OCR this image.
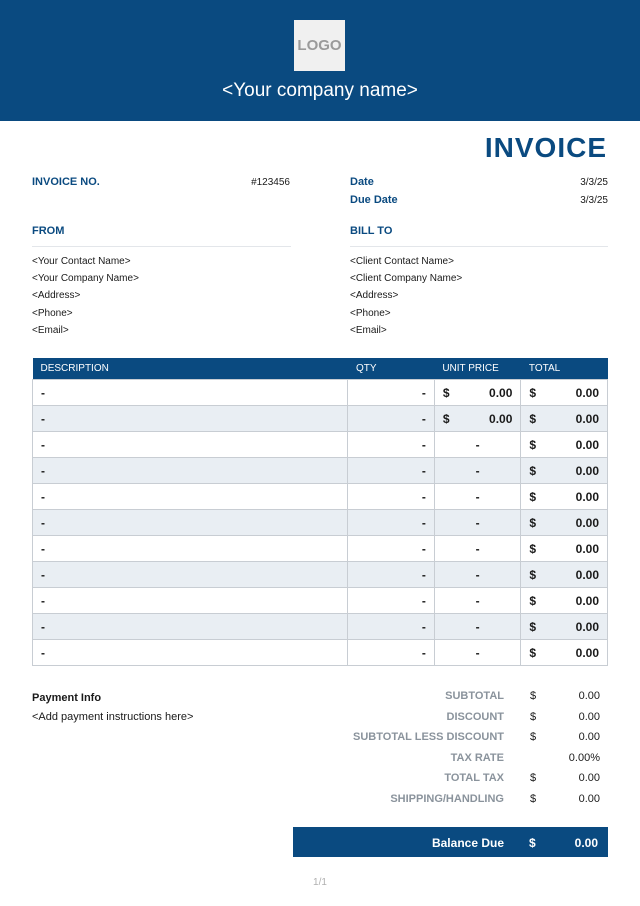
LOGO
<Your company name>
INVOICE
INVOICE NO.	#123456	Date	3/3/25
Due Date	3/3/25
FROM
<Your Contact Name>
<Your Company Name>
<Address>
<Phone>
<Email>
BILL TO
<Client Contact Name>
<Client Company Name>
<Address>
<Phone>
<Email>
DESCRIPTION	QTY	UNIT PRICE	TOTAL
-	-	$ 0.00	$ 0.00

-	-	$ 0.00	$ 0.00

-	-	-	$ 0.00

-	-	-	$ 0.00

-	-	-	$ 0.00

-	-	-	$ 0.00

-	-	-	$ 0.00

-	-	-	$ 0.00

-	-	-	$ 0.00

-	-	-	$ 0.00

-	-	-	$ 0.00
Payment Info
<Add payment instructions here>
SUBTOTAL $	0.00
DISCOUNT $	0.00
SUBTOTAL LESS DISCOUNT $	0.00
TAX RATE	0.00%
TOTAL TAX $	0.00
SHIPPING/HANDLING $	0.00
Balance Due $	0.00
1/1
